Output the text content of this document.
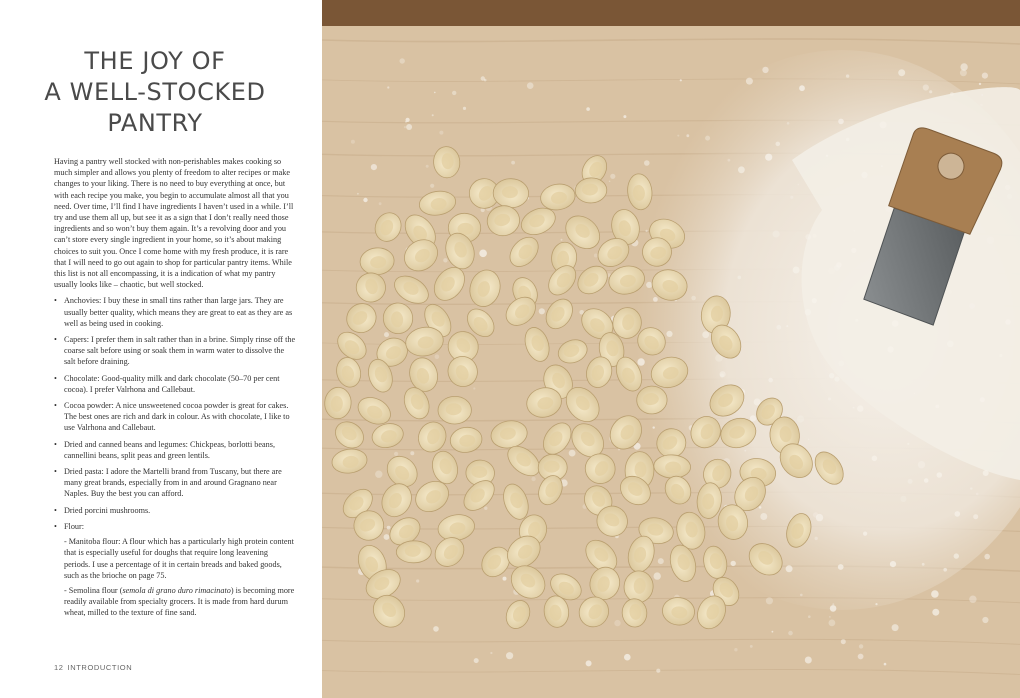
THE JOY OF
A WELL-STOCKED
PANTRY

Having a pantry well stocked with non-perishables makes cooking so much simpler and allows you plenty of freedom to alter recipes or make changes to your liking. There is no need to buy everything at once, but with each recipe you make, you begin to accumulate almost all that you need. Over time, I’ll find I have ingredients I haven’t used in a while. I’ll try and use them all up, but see it as a sign that I don’t really need those ingredients and so won’t buy them again. It’s a revolving door and you can’t store every single ingredient in your home, so it’s about making choices to suit you. Once I come home with my fresh produce, it is rare that I will need to go out again to shop for particular pantry items. While this list is not all encompassing, it is a indication of what my pantry usually looks like – chaotic, but well stocked.

• Anchovies: I buy these in small tins rather than large jars. They are usually better quality, which means they are great to eat as they are as well as being used in cooking.
• Capers: I prefer them in salt rather than in a brine. Simply rinse off the coarse salt before using or soak them in warm water to dissolve the salt before draining.
• Chocolate: Good-quality milk and dark chocolate (50–70 per cent cocoa). I prefer Valrhona and Callebaut.
• Cocoa powder: A nice unsweetened cocoa powder is great for cakes. The best ones are rich and dark in colour. As with chocolate, I like to use Valrhona and Callebaut.
• Dried and canned beans and legumes: Chickpeas, borlotti beans, cannellini beans, split peas and green lentils.
• Dried pasta: I adore the Martelli brand from Tuscany, but there are many great brands, especially from in and around Gragnano near Naples. Buy the best you can afford.
• Dried porcini mushrooms.
• Flour:
- Manitoba flour: A flour which has a particularly high protein content that is especially useful for doughs that require long leavening periods. I use a percentage of it in certain breads and baked goods, such as the brioche on page 75.
- Semolina flour (semola di grano duro rimacinato) is becoming more readily available from specialty grocers. It is made from hard durum wheat, milled to the texture of fine sand.
12 INTRODUCTION
